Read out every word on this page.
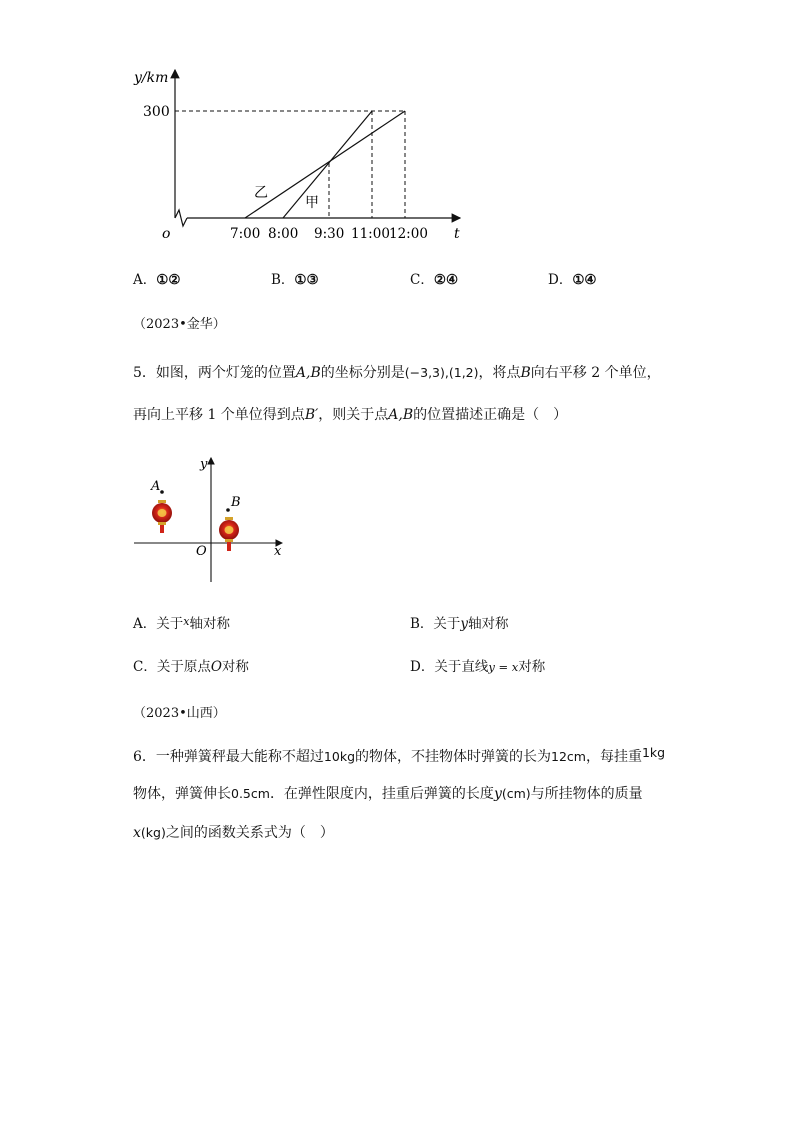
y/km
300
o	t
7:00 8:00 9:30 11:00 12:00
乙
甲
A．①②	B．①③	C．②④	D．①④
（2023•金华）
5．如图，两个灯笼的位置A,B的坐标分别是(−3,3),(1,2)，将点B向右平移 2 个单位，
再向上平移 1 个单位得到点B′，则关于点A,B的位置描述正确是（　）
y
x
O
A
B
A．关于$^x$轴对称	B．关于y轴对称
C．关于原点O对称	D．关于直线y = x对称
（2023•山西）
6．一种弹簧秤最大能称不超过10kg的物体，不挂物体时弹簧的长为12cm，每挂重1kg
物体，弹簧伸长0.5cm．在弹性限度内，挂重后弹簧的长度y(cm)与所挂物体的质量
x(kg)之间的函数关系式为（　）
